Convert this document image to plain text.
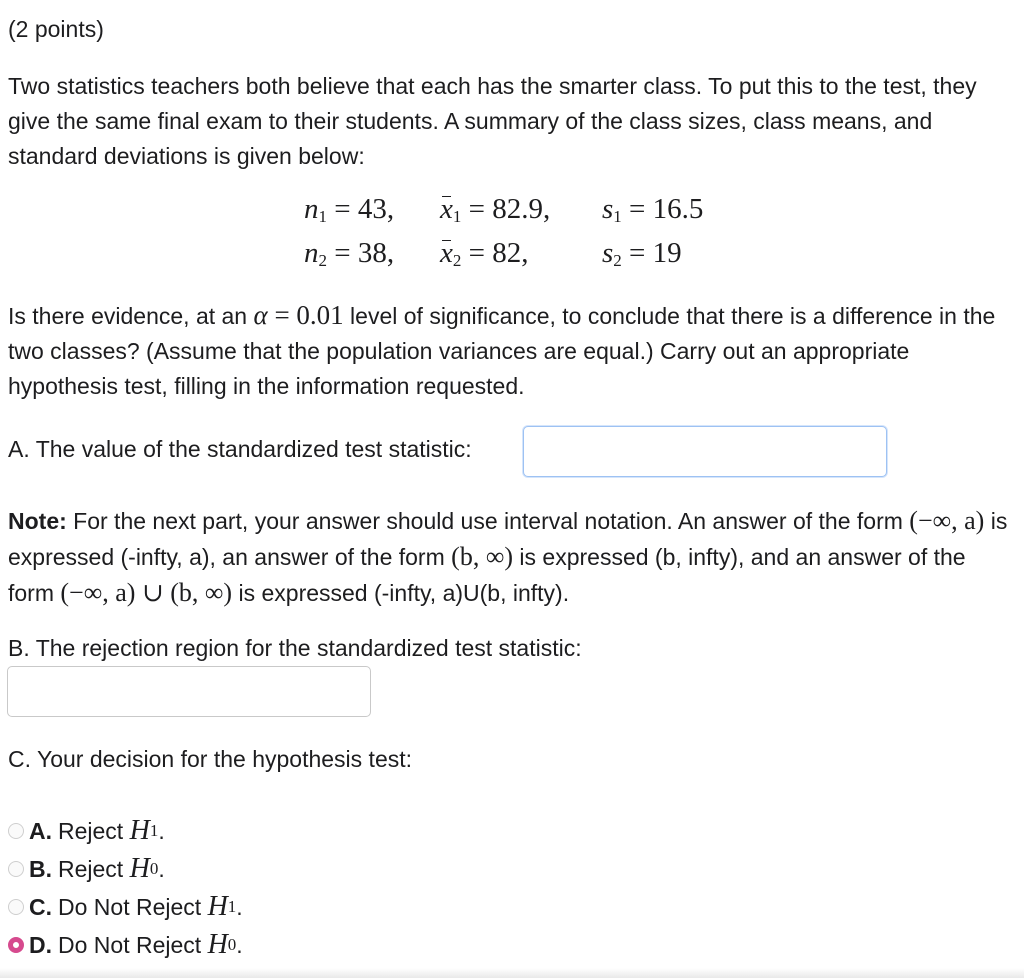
(2 points)

Two statistics teachers both believe that each has the smarter class. To put this to the test, they give the same final exam to their students. A summary of the class sizes, class means, and standard deviations is given below:

$n_1 = 43$, $x_1 = 82.9$, $s_1 = 16.5$
$n_2 = 38$, $x_2 = 82$,	$s_2 = 19$

Is there evidence, at an α = 0.01 level of significance, to conclude that there is a difference in the two classes? (Assume that the population variances are equal.) Carry out an appropriate hypothesis test, filling in the information requested.

A. The value of the standardized test statistic:

Note: For the next part, your answer should use interval notation. An answer of the form (−∞, a) is expressed (-infty, a), an answer of the form (b, ∞) is expressed (b, infty), and an answer of the form (−∞, a) ∪ (b, ∞) is expressed (-infty, a)U(b, infty).

B. The rejection region for the standardized test statistic:

C. Your decision for the hypothesis test:

A. Reject
H 1 .
B. Reject
H 0 .
C. Do Not Reject
H 1 .
D. Do Not Reject
H 0 .
